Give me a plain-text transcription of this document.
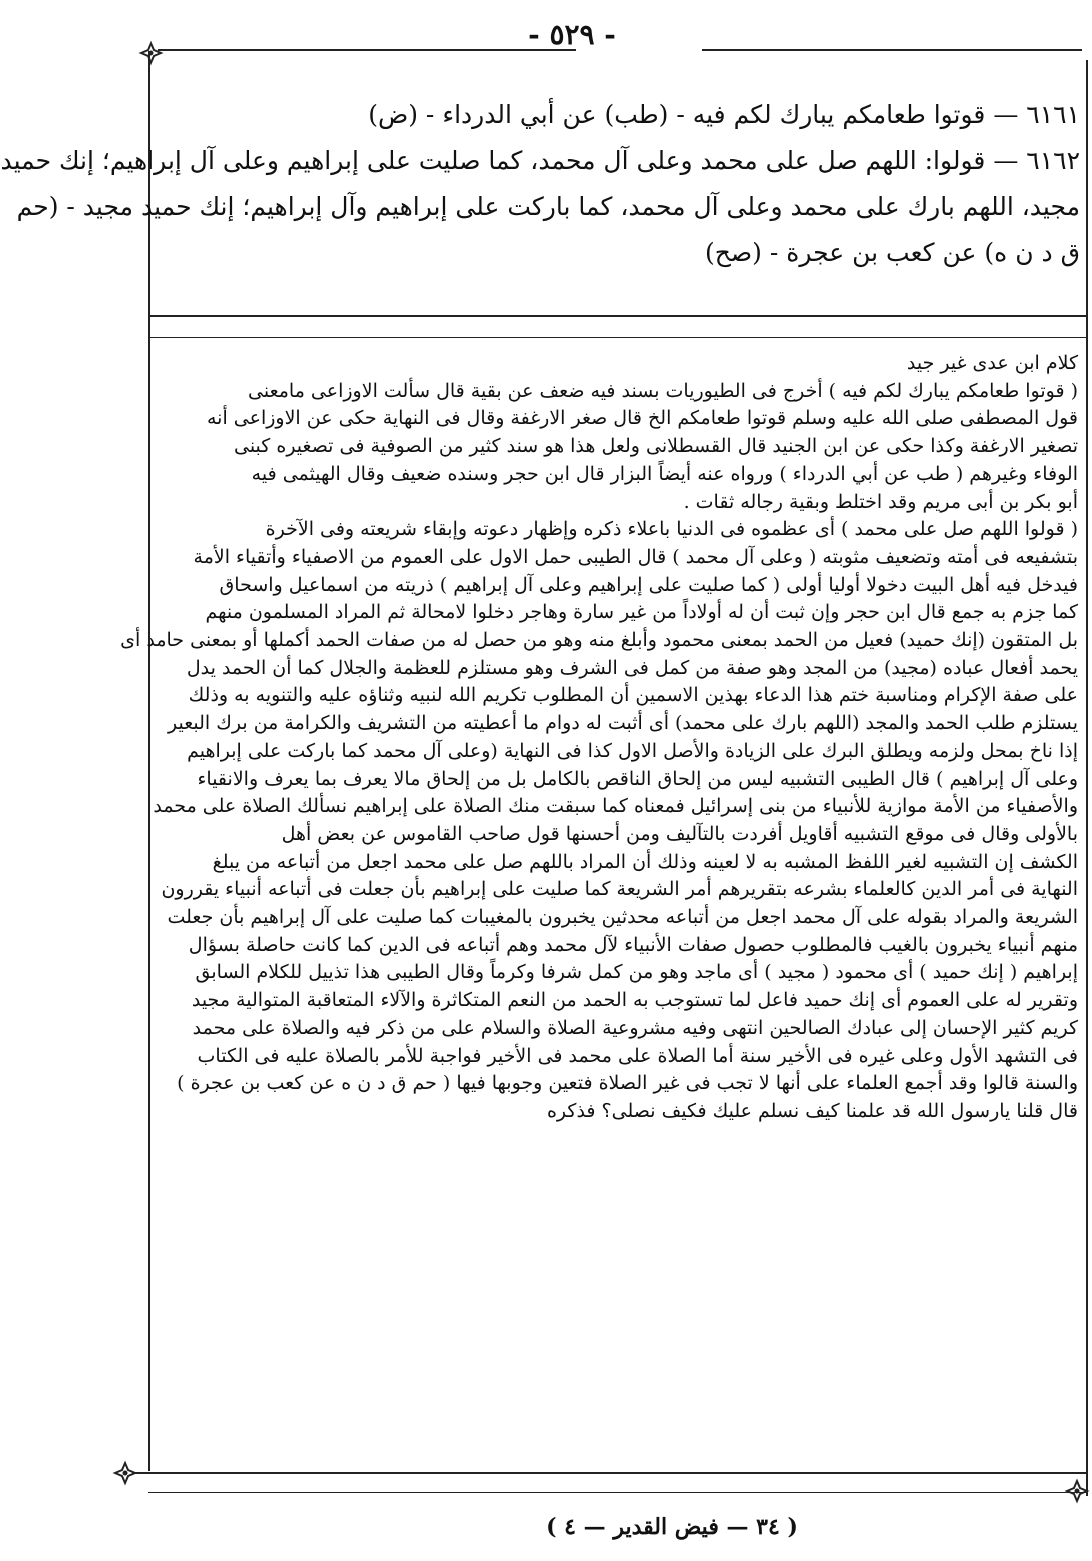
- ٥٢٩ -
٦١٦١ — قوتوا طعامكم يبارك لكم فيه - (طب) عن أبي الدرداء - (ض)
٦١٦٢ — قولوا: اللهم صل على محمد وعلى آل محمد، كما صليت على إبراهيم وعلى آل إبراهيم؛ إنك حميد
مجيد، اللهم بارك على محمد وعلى آل محمد، كما باركت على إبراهيم وآل إبراهيم؛ إنك حميد مجيد - (حم
ق د ن ه) عن كعب بن عجرة - (صح)
كلام ابن عدى غير جيد
( قوتوا طعامكم يبارك لكم فيه ) أخرج فى الطيوريات بسند فيه ضعف عن بقية قال سألت الاوزاعى مامعنى
قول المصطفى صلى الله عليه وسلم قوتوا طعامكم الخ قال صغر الارغفة وقال فى النهاية حكى عن الاوزاعى أنه
تصغير الارغفة وكذا حكى عن ابن الجنيد قال القسطلانى ولعل هذا هو سند كثير من الصوفية فى تصغيره كبنى
الوفاء وغيرهم ( طب عن أبي الدرداء ) ورواه عنه أيضاً البزار قال ابن حجر وسنده ضعيف وقال الهيثمى فيه
أبو بكر بن أبى مريم وقد اختلط وبقية رجاله ثقات .
( قولوا اللهم صل على محمد ) أى عظموه فى الدنيا باعلاء ذكره وإظهار دعوته وإبقاء شريعته وفى الآخرة
بتشفيعه فى أمته وتضعيف مثوبته ( وعلى آل محمد ) قال الطيبى حمل الاول على العموم من الاصفياء وأتقياء الأمة
فيدخل فيه أهل البيت دخولا أوليا أولى ( كما صليت على إبراهيم وعلى آل إبراهيم ) ذريته من اسماعيل واسحاق
كما جزم به جمع قال ابن حجر وإن ثبت أن له أولاداً من غير سارة وهاجر دخلوا لامحالة ثم المراد المسلمون منهم
بل المتقون (إنك حميد) فعيل من الحمد بمعنى محمود وأبلغ منه وهو من حصل له من صفات الحمد أكملها أو بمعنى حامد أى
يحمد أفعال عباده (مجيد) من المجد وهو صفة من كمل فى الشرف وهو مستلزم للعظمة والجلال كما أن الحمد يدل
على صفة الإكرام ومناسبة ختم هذا الدعاء بهذين الاسمين أن المطلوب تكريم الله لنبيه وثناؤه عليه والتنويه به وذلك
يستلزم طلب الحمد والمجد (اللهم بارك على محمد) أى أثبت له دوام ما أعطيته من التشريف والكرامة من برك البعير
إذا ناخ بمحل ولزمه ويطلق البرك على الزيادة والأصل الاول كذا فى النهاية (وعلى آل محمد كما باركت على إبراهيم
وعلى آل إبراهيم ) قال الطيبى التشبيه ليس من إلحاق الناقص بالكامل بل من إلحاق مالا يعرف بما يعرف والانقياء
والأصفياء من الأمة موازية للأنبياء من بنى إسرائيل فمعناه كما سبقت منك الصلاة على إبراهيم نسألك الصلاة على محمد
بالأولى وقال فى موقع التشبيه أقاويل أفردت بالتآليف ومن أحسنها قول صاحب القاموس عن بعض أهل
الكشف إن التشبيه لغير اللفظ المشبه به لا لعينه وذلك أن المراد باللهم صل على محمد اجعل من أتباعه من يبلغ
النهاية فى أمر الدين كالعلماء بشرعه بتقريرهم أمر الشريعة كما صليت على إبراهيم بأن جعلت فى أتباعه أنبياء يقررون
الشريعة والمراد بقوله على آل محمد اجعل من أتباعه محدثين يخبرون بالمغيبات كما صليت على آل إبراهيم بأن جعلت
منهم أنبياء يخبرون بالغيب فالمطلوب حصول صفات الأنبياء لآل محمد وهم أتباعه فى الدين كما كانت حاصلة بسؤال
إبراهيم ( إنك حميد ) أى محمود ( مجيد ) أى ماجد وهو من كمل شرفا وكرماً وقال الطيبى هذا تذييل للكلام السابق
وتقرير له على العموم أى إنك حميد فاعل لما تستوجب به الحمد من النعم المتكاثرة والآلاء المتعاقبة المتوالية مجيد
كريم كثير الإحسان إلى عبادك الصالحين انتهى وفيه مشروعية الصلاة والسلام على من ذكر فيه والصلاة على محمد
فى التشهد الأول وعلى غيره فى الأخير سنة أما الصلاة على محمد فى الأخير فواجبة للأمر بالصلاة عليه فى الكتاب
والسنة قالوا وقد أجمع العلماء على أنها لا تجب فى غير الصلاة فتعين وجوبها فيها ( حم ق د ن ه عن كعب بن عجرة )
قال قلنا يارسول الله قد علمنا كيف نسلم عليك فكيف نصلى؟ فذكره
( ٣٤ — فيض القدير — ٤ )
